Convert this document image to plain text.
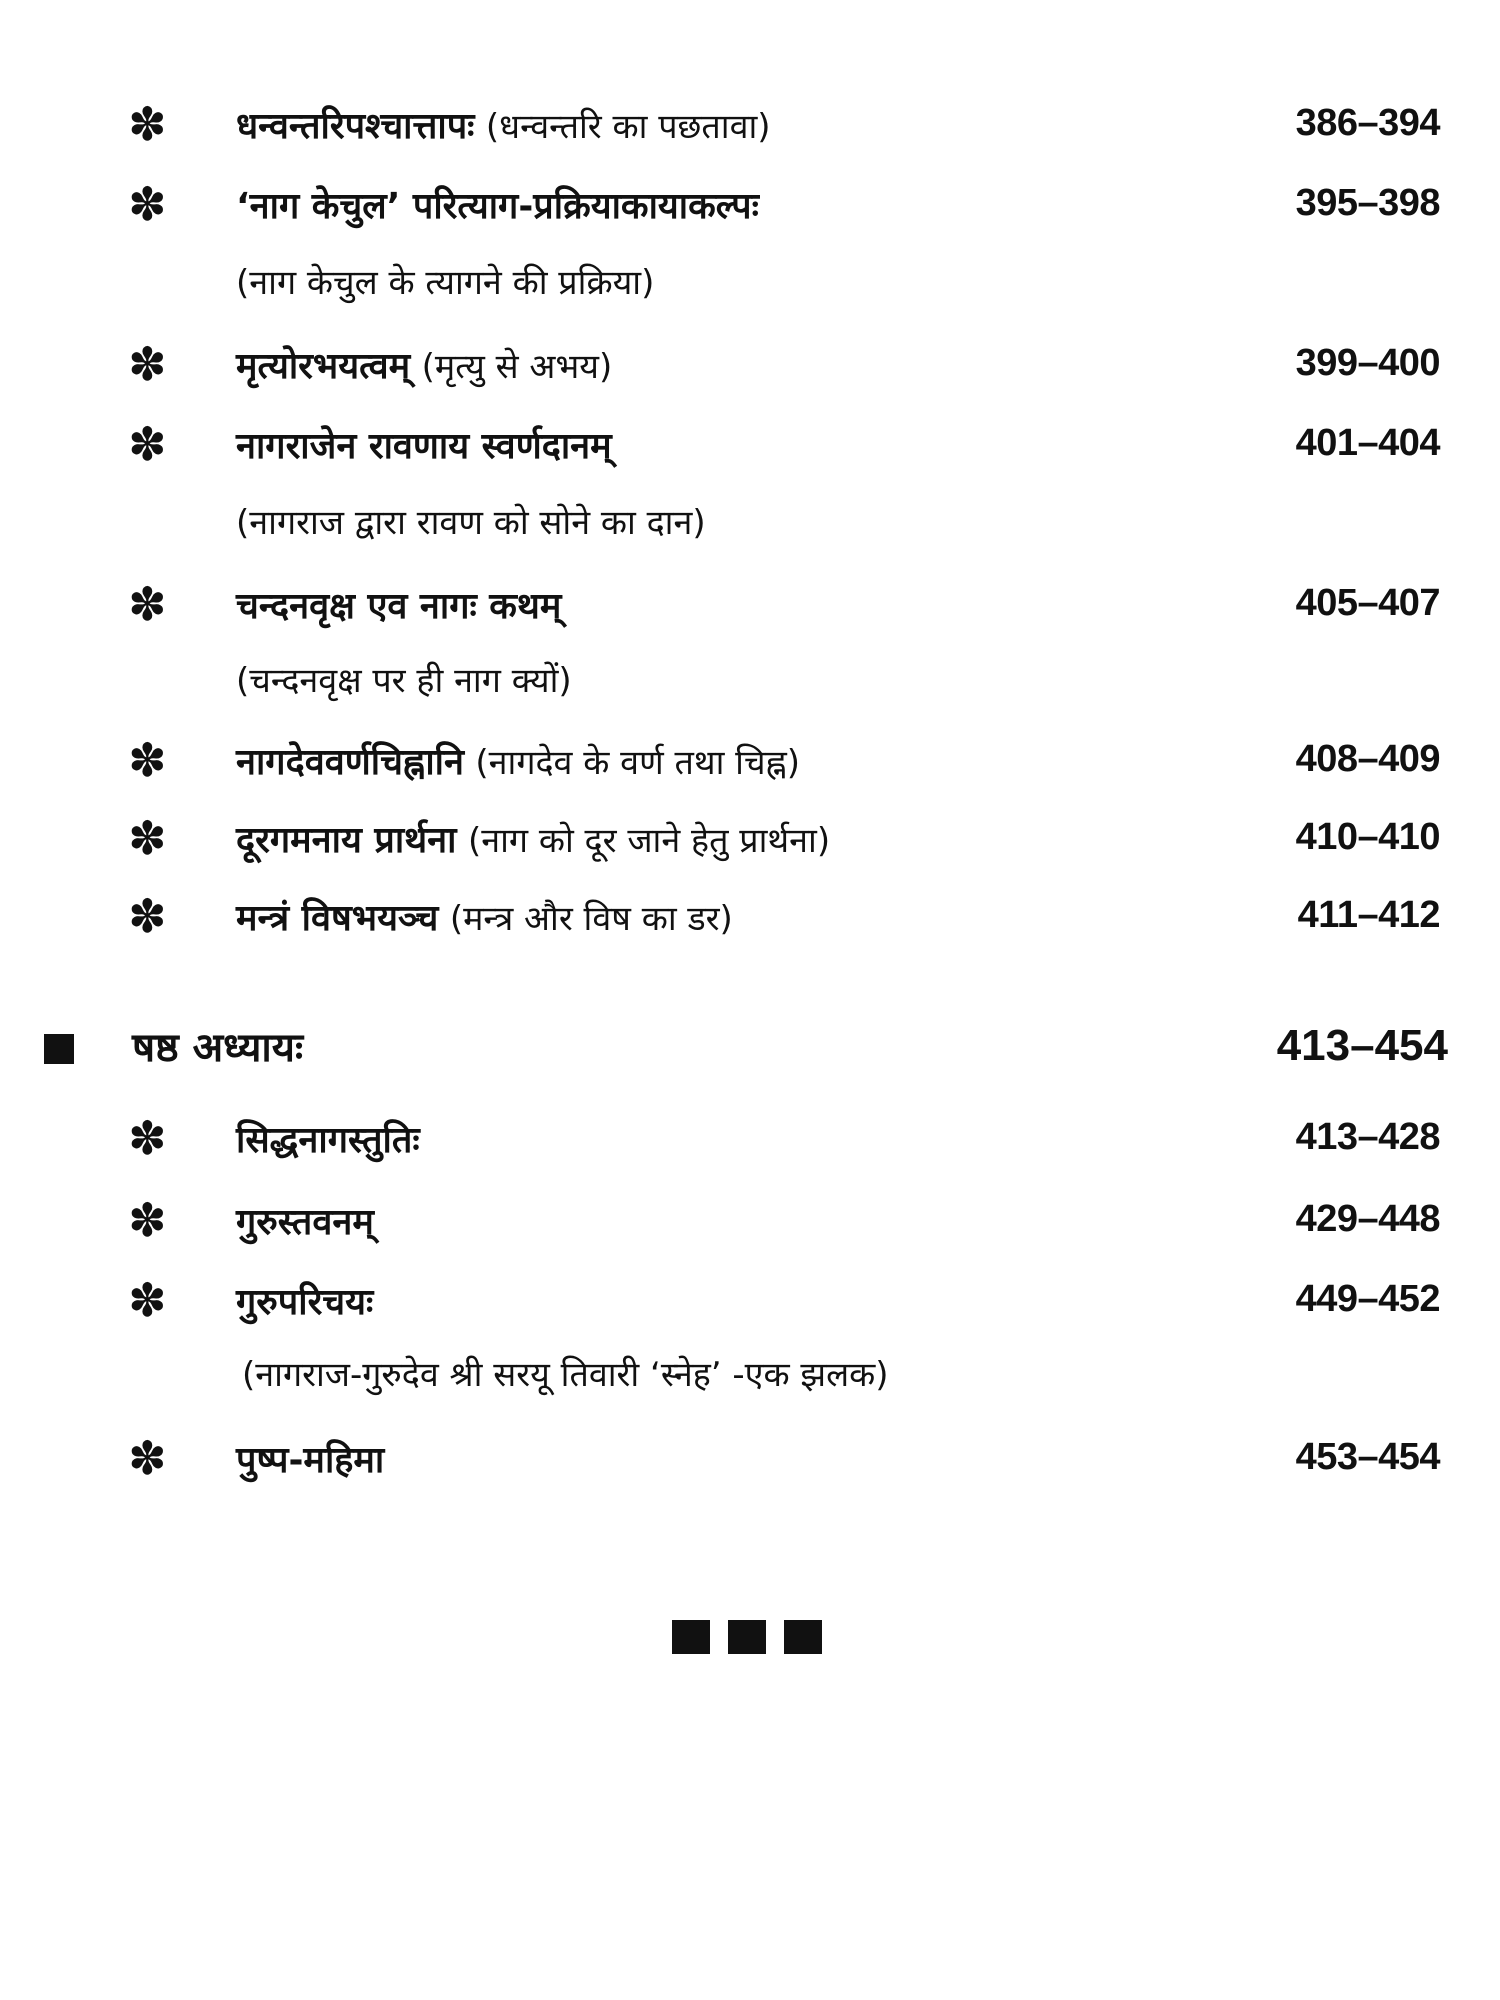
✽ धन्वन्तरिपश्चात्तापः (धन्वन्तरि का पछतावा)	386–394
✽ ‘नाग केचुल’ परित्याग-प्रक्रियाकायाकल्पः	395–398
(नाग केचुल के त्यागने की प्रक्रिया)
✽ मृत्योरभयत्वम् (मृत्यु से अभय)	399–400
✽ नागराजेन रावणाय स्वर्णदानम्	401–404
(नागराज द्वारा रावण को सोने का दान)
✽ चन्दनवृक्ष एव नागः कथम्	405–407
(चन्दनवृक्ष पर ही नाग क्यों)
✽ नागदेववर्णचिह्नानि (नागदेव के वर्ण तथा चिह्न)	408–409
✽ दूरगमनाय प्रार्थना (नाग को दूर जाने हेतु प्रार्थना)	410–410
✽ मन्त्रं विषभयञ्च (मन्त्र और विष का डर)	411–412
षष्ठ अध्यायः	413–454
✽ सिद्धनागस्तुतिः	413–428
✽ गुरुस्तवनम्	429–448
✽ गुरुपरिचयः	449–452
(नागराज-गुरुदेव श्री सरयू तिवारी ‘स्नेह’ -एक झलक)
✽ पुष्प-महिमा	453–454
